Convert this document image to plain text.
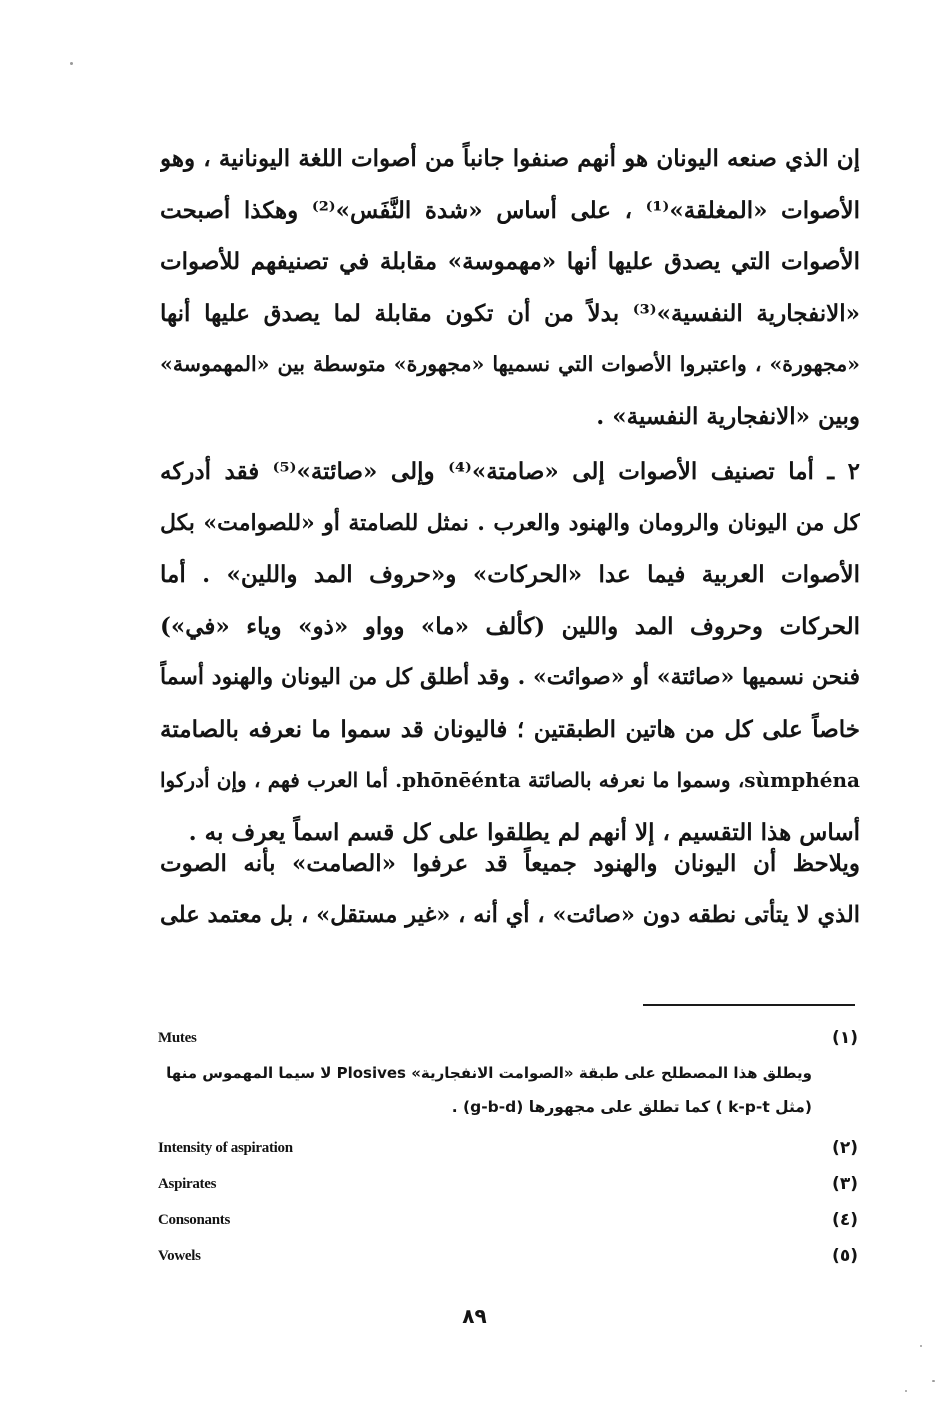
إن الذي صنعه اليونان هو أنهم صنفوا جانباً من أصوات اللغة اليونانية ، وهو
الأصوات «المغلقة»⁽¹⁾ ، على أساس «شدة النَّفَس»⁽²⁾ وهكذا أصبحت
الأصوات التي يصدق عليها أنها «مهموسة» مقابلة في تصنيفهم للأصوات
«الانفجارية النفسية»⁽³⁾ بدلاً من أن تكون مقابلة لما يصدق عليها أنها
«مجهورة» ، واعتبروا الأصوات التي نسميها «مجهورة» متوسطة بين «المهموسة»
وبين «الانفجارية النفسية» .
٢ ـ أما تصنيف الأصوات إلى «صامتة»⁽⁴⁾ وإلى «صائتة»⁽⁵⁾ فقد أدركه
كل من اليونان والرومان والهنود والعرب . نمثل للصامتة أو «للصوامت» بكل
الأصوات العربية فيما عدا «الحركات» و«حروف المد واللين» . أما
الحركات وحروف المد واللين (كألف «ما» وواو «ذو» وياء «في»)
فنحن نسميها «صائتة» أو «صوائت» . وقد أطلق كل من اليونان والهنود أسماً
خاصاً على كل من هاتين الطبقتين ؛ فاليونان قد سموا ما نعرفه بالصامتة
sùmphéna، وسموا ما نعرفه بالصائتة phōnēénta. أما العرب فهم ، وإن أدركوا
أساس هذا التقسيم ، إلا أنهم لم يطلقوا على كل قسم اسماً يعرف به .
ويلاحظ أن اليونان والهنود جميعاً قد عرفوا «الصامت» بأنه الصوت
الذي لا يتأتى نطقه دون «صائت» ، أي أنه ، «غير مستقل» ، بل معتمد على
Mutes	(١)
ويطلق هذا المصطلح على طبقة «الصوامت الانفجارية» Plosives لا سيما المهموس منها
(مثل k-p-t ) كما تطلق على مجهورها (g-b-d) .
Intensity of aspiration	(٢)
Aspirates	(٣)
Consonants	(٤)
Vowels	(٥)
٨٩
